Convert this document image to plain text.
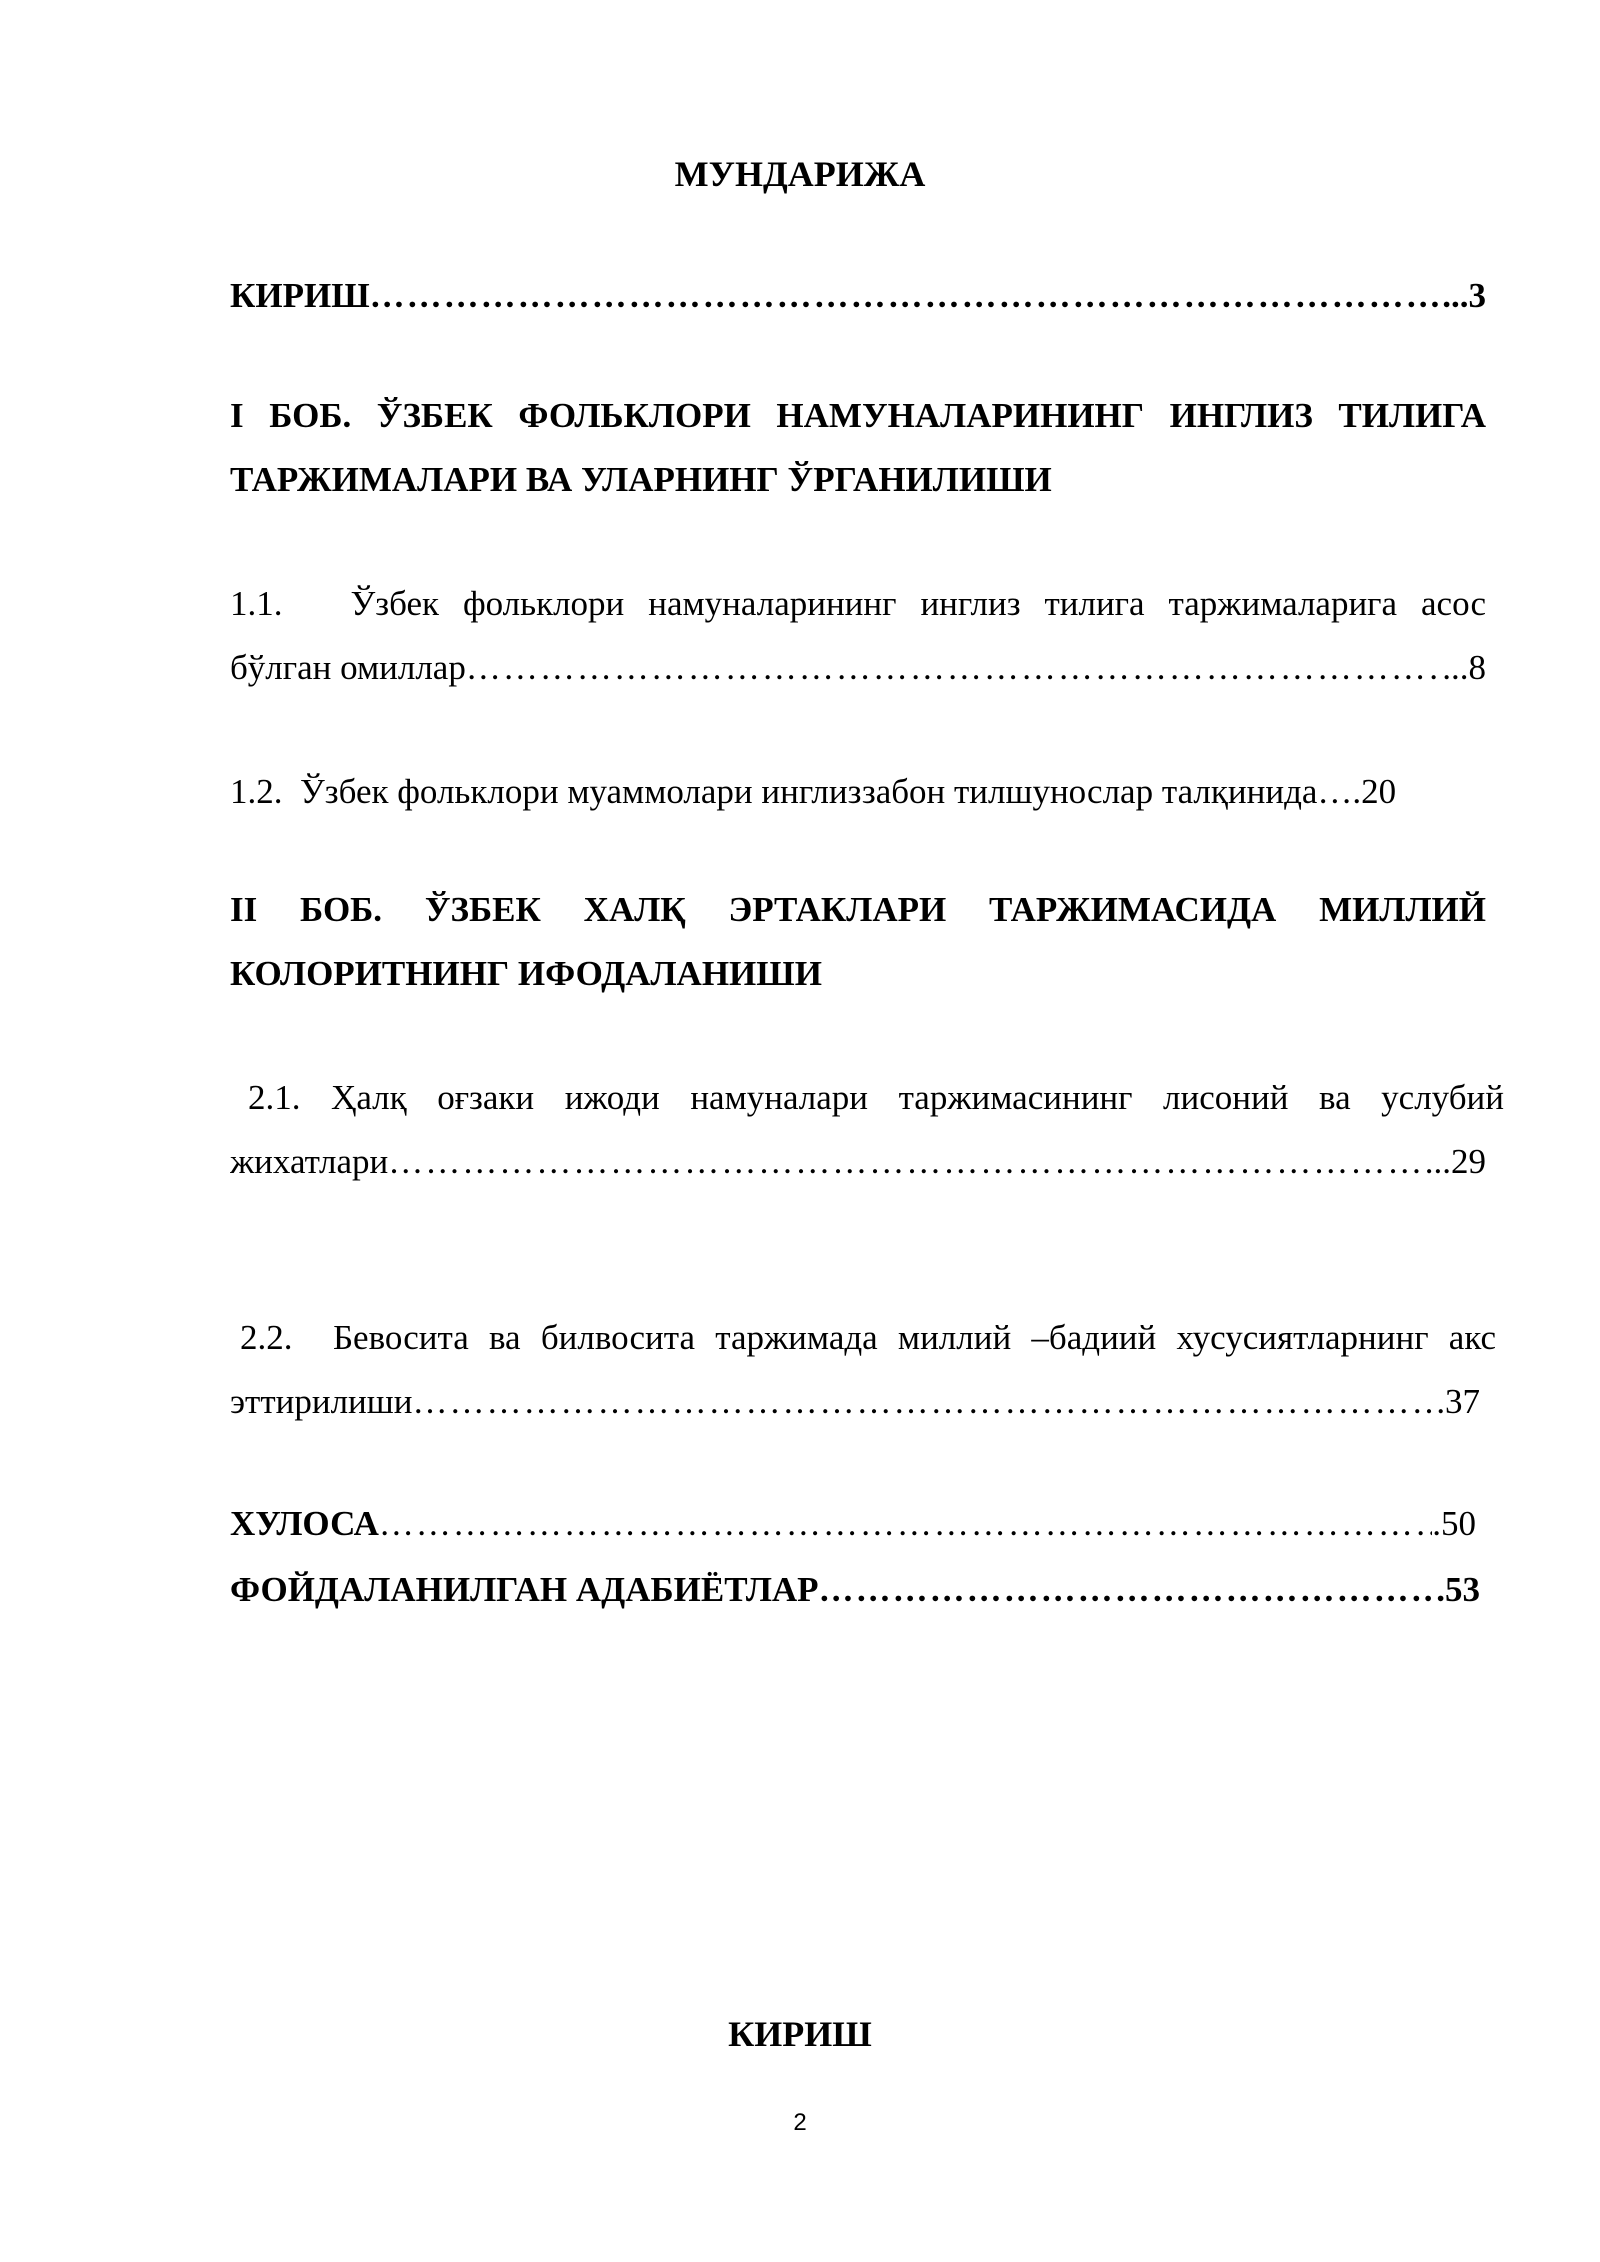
МУНДАРИЖА
КИРИШ ……………………………………………………………………………………………………………………………………………………………………………………………………………	...3
I БОБ. ЎЗБЕК ФОЛЬКЛОРИ НАМУНАЛАРИНИНГ ИНГЛИЗ ТИЛИГА
ТАРЖИМАЛАРИ ВА УЛАРНИНГ ЎРГАНИЛИШИ
1.1. Ўзбек фольклори намуналарининг инглиз тилига таржималарига асос
бўлган омиллар ……………………………………………………………………………………………………………………………………………………………………………………………………………	...8
1.2.  Ўзбек фольклори муаммолари инглиззабон тилшунослар талқинида….20
II БОБ. ЎЗБЕК ХАЛҚ ЭРТАКЛАРИ ТАРЖИМАСИДА МИЛЛИЙ
КОЛОРИТНИНГ ИФОДАЛАНИШИ
2.1. Ҳалқ оғзаки ижоди намуналари таржимасининг лисоний ва услубий
жихатлари ……………………………………………………………………………………………………………………………………………………………………………………………………………	...29
2.2.  Бевосита ва билвосита таржимада миллий –бадиий хусусиятларнинг акс
эттирилиши ……………………………………………………………………………………………………………………………………………………………………………………………………………	37
ХУЛОСА ……………………………………………………………………………………………………………………………………………………………………………………………………………	.50
ФОЙДАЛАНИЛГАН АДАБИЁТЛАР ……………………………………………………………………………………………………………………………………………………………………………………………………………	.53
КИРИШ
2
